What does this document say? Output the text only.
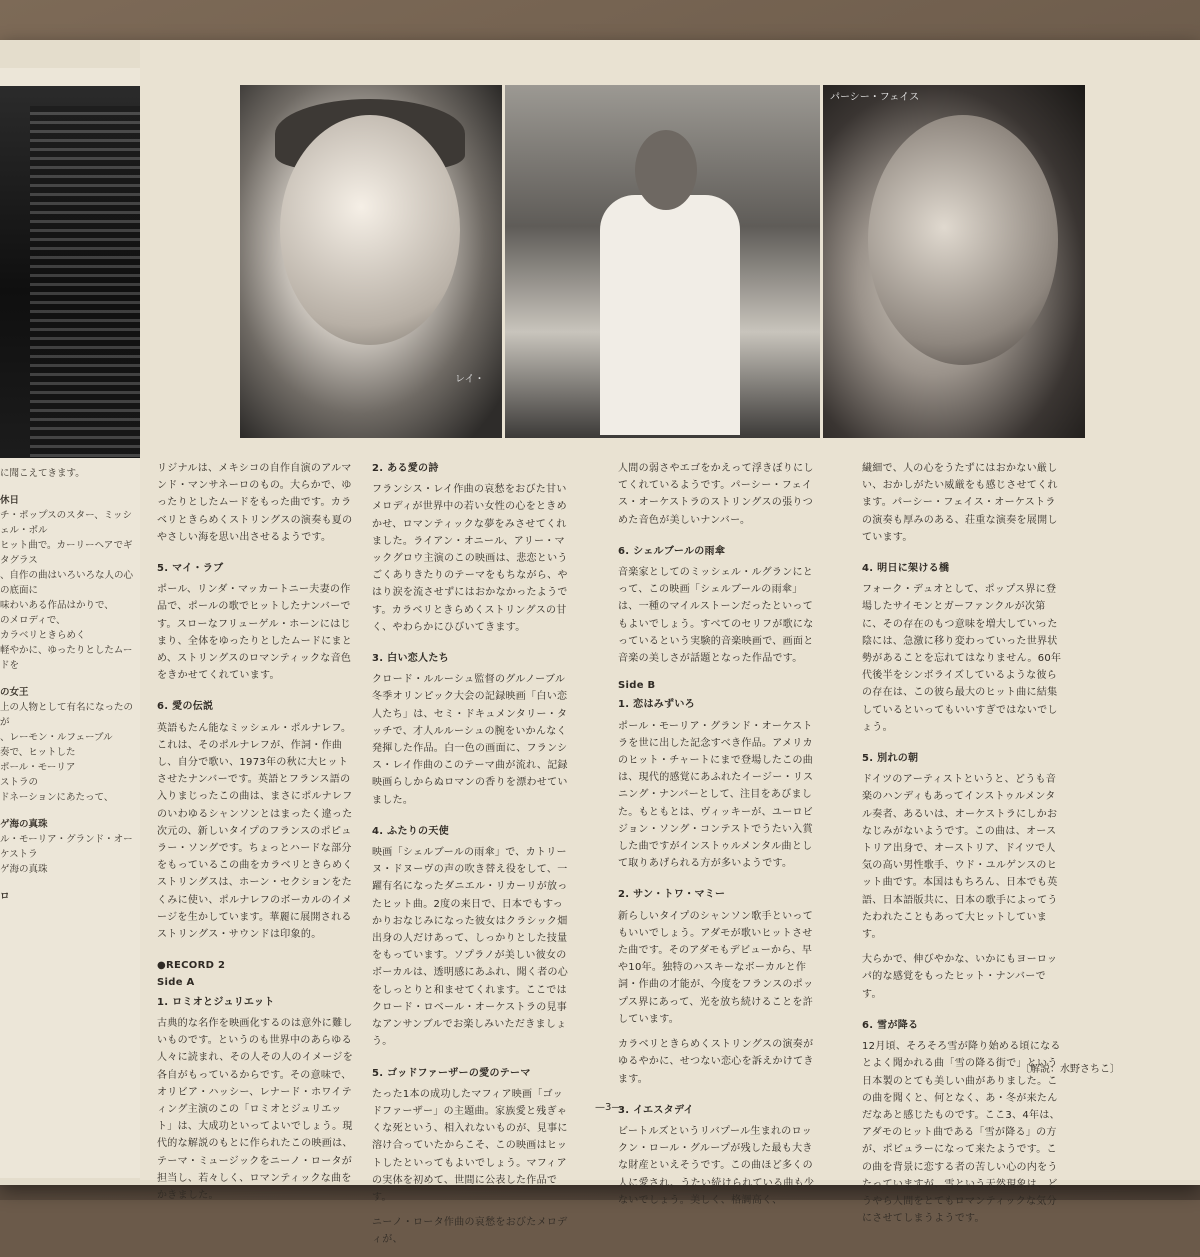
に聞こえてきます。
休日
チ・ポップスのスター、ミッシェル・ボル
ヒット曲で。カーリーヘアでギタグラス
、自作の曲はいろいろな人の心の底面に
味わいある作品はかりで、
のメロディで、
カラベリときらめく
軽やかに、ゆったりとしたムードを
の女王
上の人物として有名になったのが
、レーモン・ルフェーブル
奏で、ヒットした
ポール・モーリア
ストラの
ドネーションにあたって、
ゲ海の真珠
ル・モーリア・グランド・オーケストラ
ゲ海の真珠
ロ
パーシー・フェイス
レイ・

リジナルは、メキシコの自作自演のアルマンド・マンサネーロのもの。大らかで、ゆったりとしたムードをもった曲です。カラベリときらめくストリングスの演奏も夏のやさしい海を思い出させるようです。

5. マイ・ラブ

ポール、リンダ・マッカートニー夫妻の作品で、ポールの歌でヒットしたナンバーです。スローなフリューゲル・ホーンにはじまり、全体をゆったりとしたムードにまとめ、ストリングスのロマンティックな音色をきかせてくれています。

6. 愛の伝説

英語もたん能なミッシェル・ポルナレフ。これは、そのポルナレフが、作詞・作曲し、自分で歌い、1973年の秋に大ヒットさせたナンバーです。英語とフランス語の入りまじったこの曲は、まさにポルナレフのいわゆるシャンソンとはまったく違った次元の、新しいタイプのフランスのポピュラー・ソングです。ちょっとハードな部分をもっているこの曲をカラベリときらめくストリングスは、ホーン・セクションをたくみに使い、ポルナレフのボーカルのイメージを生かしています。華麗に展開されるストリングス・サウンドは印象的。

●RECORD 2
Side A
1. ロミオとジュリエット

古典的な名作を映画化するのは意外に難しいものです。というのも世界中のあらゆる人々に読まれ、その人その人のイメージを各自がもっているからです。その意味で、オリビア・ハッシー、レナード・ホワイティング主演のこの「ロミオとジュリエット」は、大成功といってよいでしょう。現代的な解説のもとに作られたこの映画は、テーマ・ミュージックをニーノ・ロータが担当し、若々しく、ロマンティックな曲をかきました。

2. ある愛の詩

フランシス・レイ作曲の哀愁をおびた甘いメロディが世界中の若い女性の心をときめかせ、ロマンティックな夢をみさせてくれました。ライアン・オニール、アリー・マックグロウ主演のこの映画は、悲恋というごくありきたりのテーマをもちながら、やはり涙を流させずにはおかなかったようです。カラベリときらめくストリングスの甘く、やわらかにひびいてきます。

3. 白い恋人たち

クロード・ルルーシュ監督のグルノーブル冬季オリンピック大会の記録映画「白い恋人たち」は、セミ・ドキュメンタリー・タッチで、才人ルルーシュの腕をいかんなく発揮した作品。白一色の画面に、フランシス・レイ作曲のこのテーマ曲が流れ、記録映画らしからぬロマンの香りを漂わせていました。

4. ふたりの天使

映画「シェルブールの雨傘」で、カトリーヌ・ドヌーヴの声の吹き替え役をして、一躍有名になったダニエル・リカーリが放ったヒット曲。2度の来日で、日本でもすっかりおなじみになった彼女はクラシック畑出身の人だけあって、しっかりとした技量をもっています。ソプラノが美しい彼女のボーカルは、透明感にあふれ、聞く者の心をしっとりと和ませてくれます。ここではクロード・ロベール・オーケストラの見事なアンサンブルでお楽しみいただきましょう。

5. ゴッドファーザーの愛のテーマ

たった1本の成功したマフィア映画「ゴッドファーザー」の主題曲。家族愛と残ぎゃくな死という、相入れないものが、見事に溶け合っていたからこそ、この映画はヒットしたといってもよいでしょう。マフィアの実体を初めて、世間に公表した作品です。

ニーノ・ロータ作曲の哀愁をおびたメロディが、

人間の弱さやエゴをかえって浮きぼりにしてくれているようです。パーシー・フェイス・オーケストラのストリングスの張りつめた音色が美しいナンバー。

6. シェルブールの雨傘

音楽家としてのミッシェル・ルグランにとって、この映画「シェルブールの雨傘」は、一種のマイルストーンだったといってもよいでしょう。すべてのセリフが歌になっているという実験的音楽映画で、画面と音楽の美しさが話題となった作品です。

Side B
1. 恋はみずいろ

ポール・モーリア・グランド・オーケストラを世に出した記念すべき作品。アメリカのヒット・チャートにまで登場したこの曲は、現代的感覚にあふれたイージー・リスニング・ナンバーとして、注目をあびました。もともとは、ヴィッキーが、ユーロビジョン・ソング・コンテストでうたい入賞した曲ですがインストゥルメンタル曲として取りあげられる方が多いようです。

2. サン・トワ・マミー

新らしいタイプのシャンソン歌手といってもいいでしょう。アダモが歌いヒットさせた曲です。そのアダモもデビューから、早や10年。独特のハスキーなボーカルと作詞・作曲の才能が、今度をフランスのポップス界にあって、光を放ち続けることを許しています。

カラベリときらめくストリングスの演奏がゆるやかに、せつない恋心を訴えかけてきます。

3. イエスタデイ

ビートルズというリバプール生まれのロックン・ロール・グループが残した最も大きな財産といえそうです。この曲ほど多くの人に愛され、うたい続けられている曲も少ないでしょう。美しく、格調高く、

繊細で、人の心をうたずにはおかない厳しい、おかしがたい威厳をも感じさせてくれます。パーシー・フェイス・オーケストラの演奏も厚みのある、荘重な演奏を展開しています。

4. 明日に架ける橋

フォーク・デュオとして、ポップス界に登場したサイモンとガーファンクルが次第に、その存在のもつ意味を増大していった陰には、急激に移り変わっていった世界状勢があることを忘れてはなりません。60年代後半をシンボライズしているような彼らの存在は、この彼ら最大のヒット曲に結集しているといってもいいすぎではないでしょう。

5. 別れの朝

ドイツのアーティストというと、どうも音楽のハンディもあってインストゥルメンタル奏者、あるいは、オーケストラにしかおなじみがないようです。この曲は、オーストリア出身で、オーストリア、ドイツで人気の高い男性歌手、ウド・ユルゲンスのヒット曲です。本国はもちろん、日本でも英語、日本語版共に、日本の歌手によってうたわれたこともあって大ヒットしています。

大らかで、伸びやかな、いかにもヨーロッパ的な感覚をもったヒット・ナンバーです。

6. 雪が降る

12月頃、そろそろ雪が降り始める頃になるとよく聞かれる曲「雪の降る街で」という日本製のとても美しい曲がありました。この曲を聞くと、何となく、あ・冬が来たんだなあと感じたものです。ここ3、4年は、アダモのヒット曲である「雪が降る」の方が、ポピュラーになって来たようです。この曲を背景に恋する者の苦しい心の内をうたっていますが、雪という天然現象は、どうやら人間をとてもロマンティックな気分にさせてしまうようです。

〔解説：水野さちこ〕
—3—
